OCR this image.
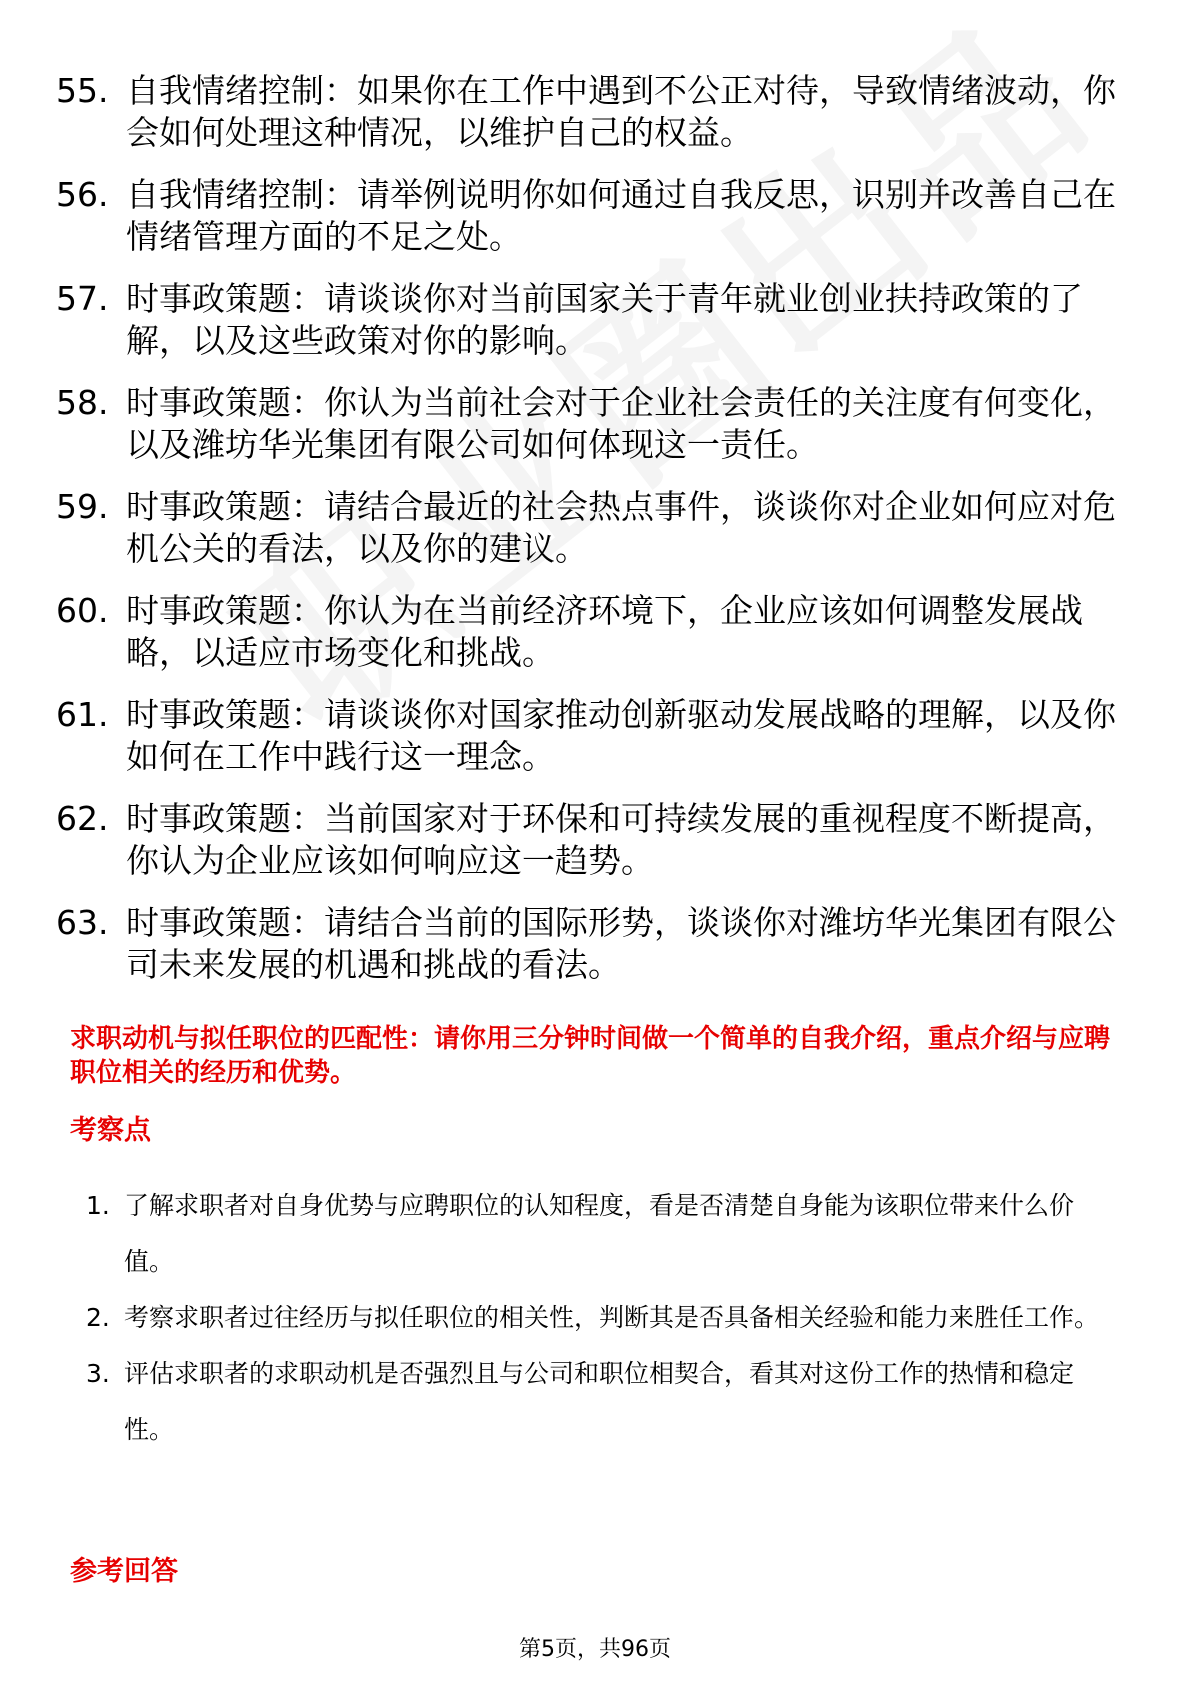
55. 自我情绪控制：如果你在工作中遇到不公正对待，导致情绪波动，你会如何处理这种情况，以维护自己的权益。
56. 自我情绪控制：请举例说明你如何通过自我反思，识别并改善自己在情绪管理方面的不足之处。
57. 时事政策题：请谈谈你对当前国家关于青年就业创业扶持政策的了解，以及这些政策对你的影响。
58. 时事政策题：你认为当前社会对于企业社会责任的关注度有何变化，以及潍坊华光集团有限公司如何体现这一责任。
59. 时事政策题：请结合最近的社会热点事件，谈谈你对企业如何应对危机公关的看法，以及你的建议。
60. 时事政策题：你认为在当前经济环境下，企业应该如何调整发展战略，以适应市场变化和挑战。
61. 时事政策题：请谈谈你对国家推动创新驱动发展战略的理解，以及你如何在工作中践行这一理念。
62. 时事政策题：当前国家对于环保和可持续发展的重视程度不断提高，你认为企业应该如何响应这一趋势。
63. 时事政策题：请结合当前的国际形势，谈谈你对潍坊华光集团有限公司未来发展的机遇和挑战的看法。
求职动机与拟任职位的匹配性：请你用三分钟时间做一个简单的自我介绍，重点介绍与应聘职位相关的经历和优势。
考察点
1. 了解求职者对自身优势与应聘职位的认知程度，看是否清楚自身能为该职位带来什么价值。
2. 考察求职者过往经历与拟任职位的相关性，判断其是否具备相关经验和能力来胜任工作。
3. 评估求职者的求职动机是否强烈且与公司和职位相契合，看其对这份工作的热情和稳定性。
参考回答
第5页，共96页
